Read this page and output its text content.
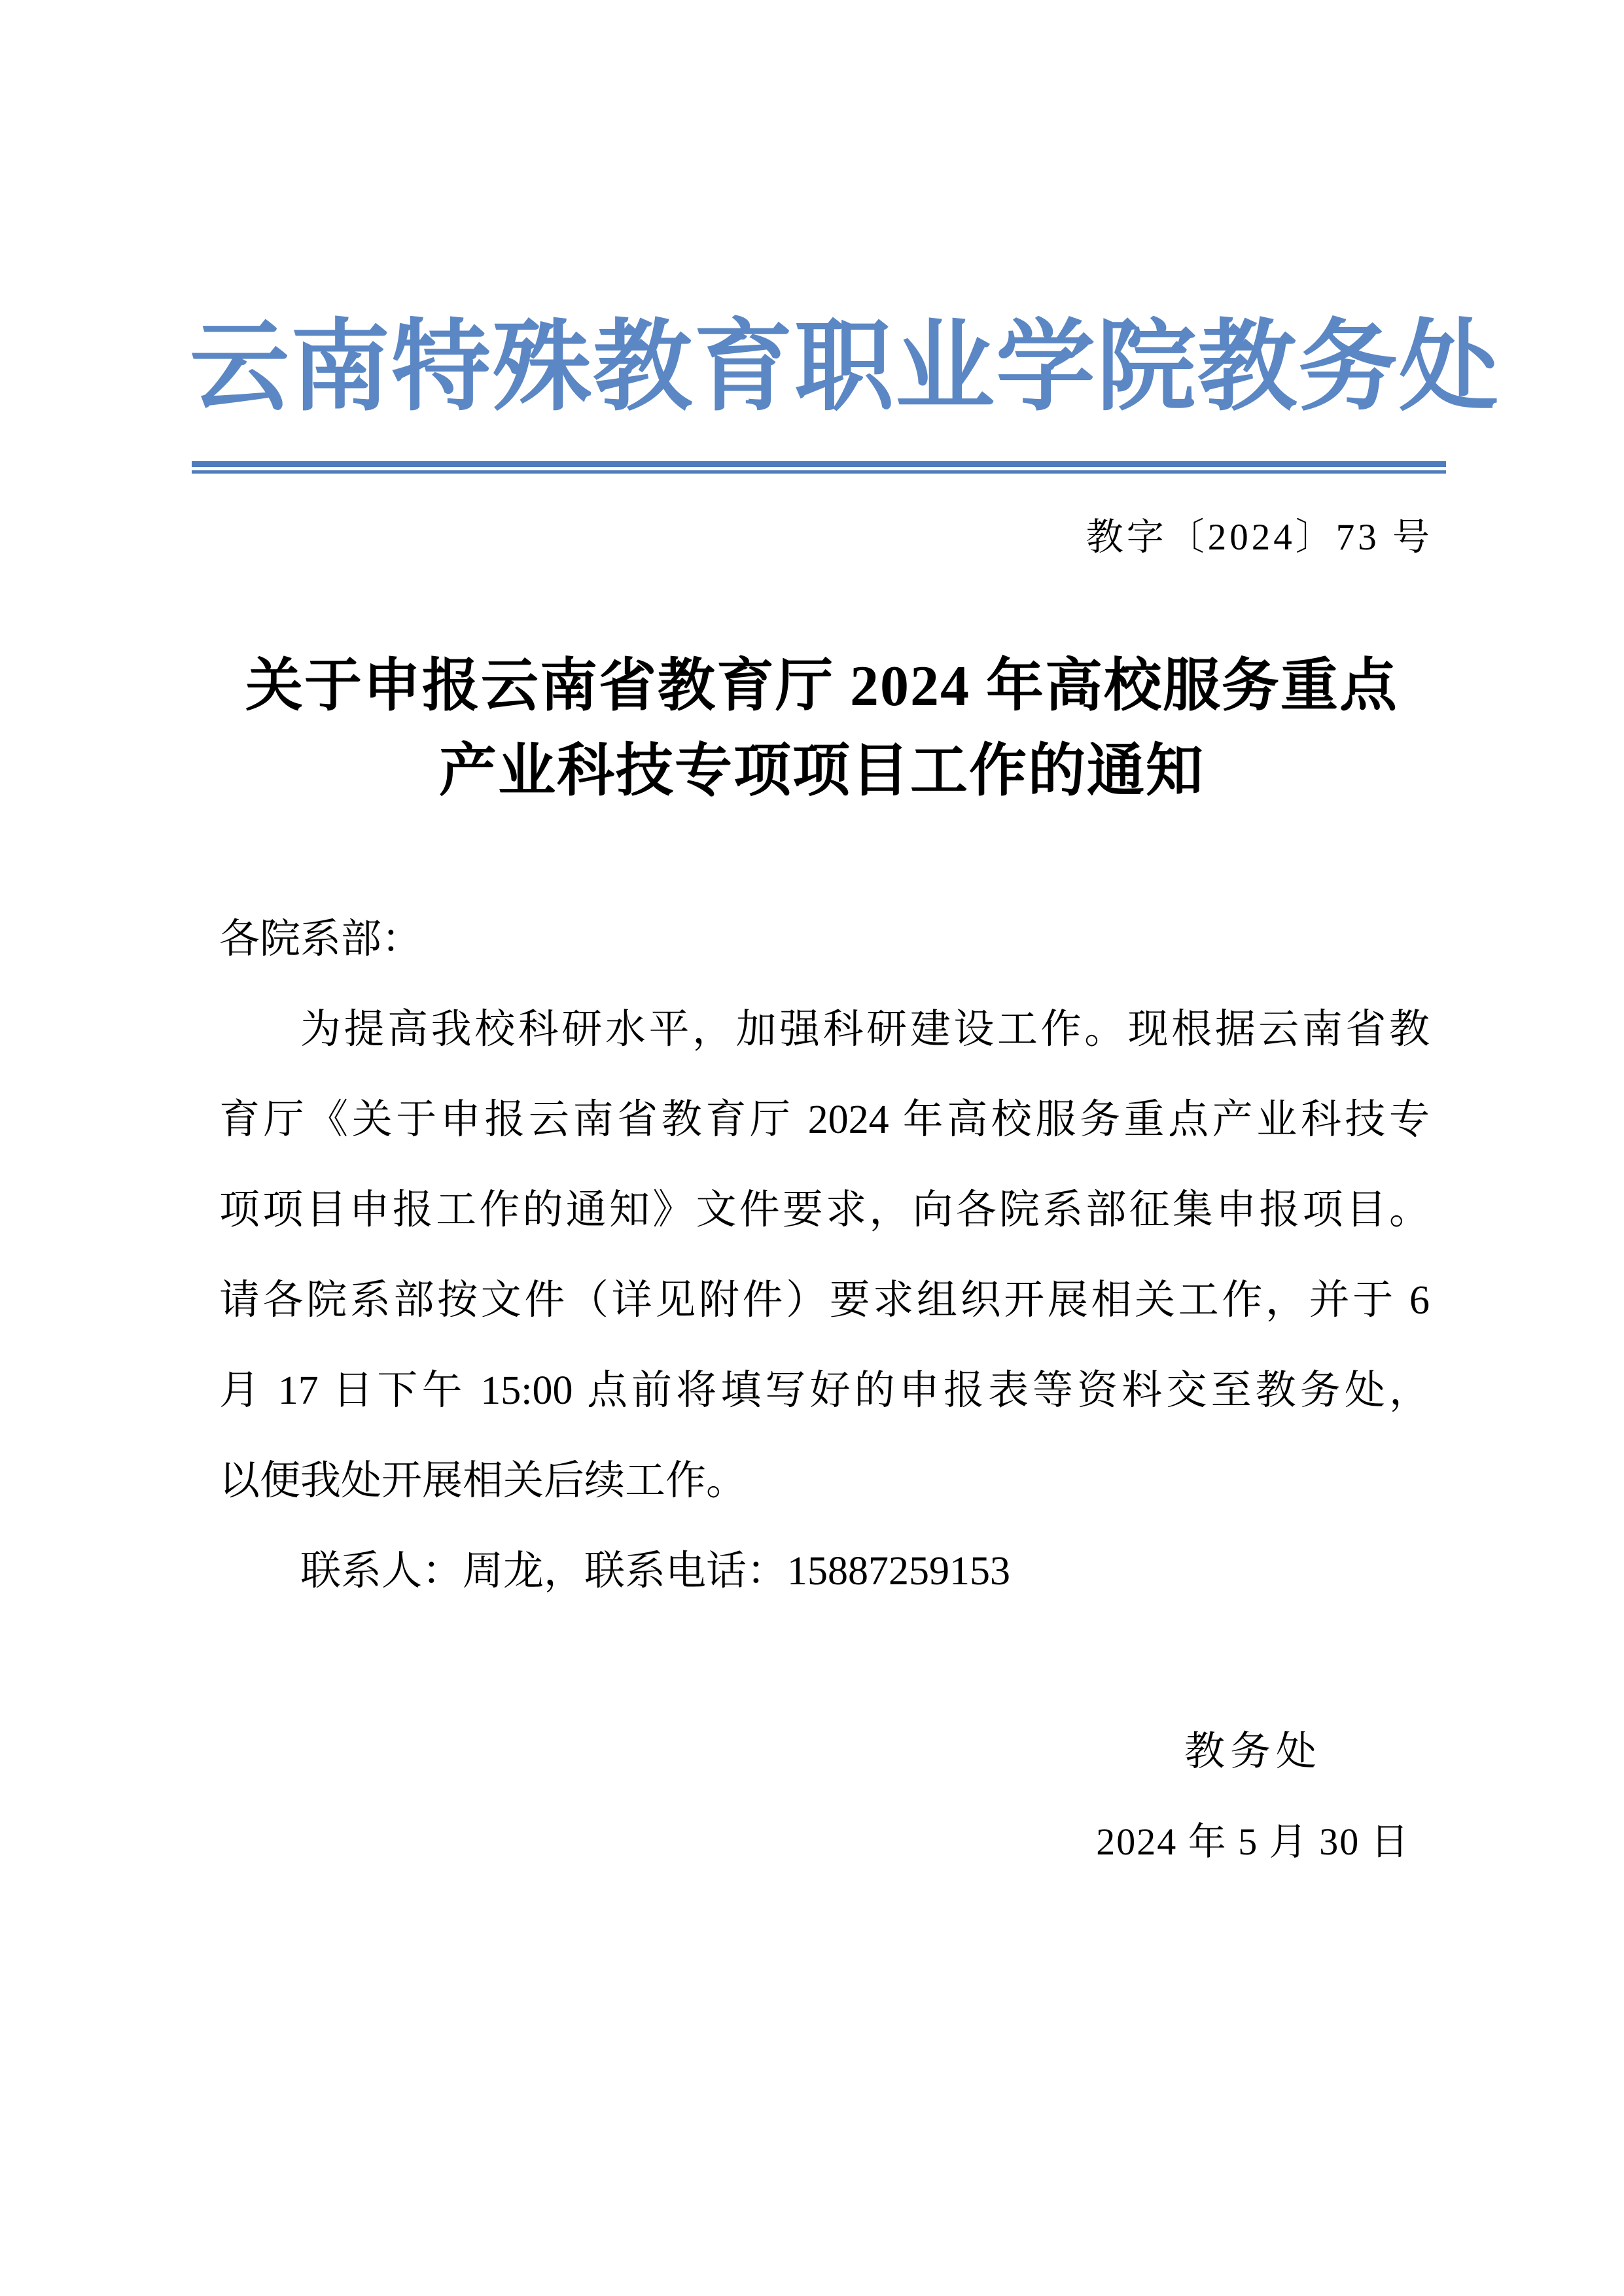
云南特殊教育职业学院教务处
教字〔2024〕73 号
关于申报云南省教育厅 2024 年高校服务重点
产业科技专项项目工作的通知
各院系部：
为提高我校科研水平，加强科研建设工作。现根据云南省教
育厅《关于申报云南省教育厅 2024 年高校服务重点产业科技专
项项目申报工作的通知》文件要求，向各院系部征集申报项目。
请各院系部按文件（详见附件）要求组织开展相关工作，并于 6
月 17 日下午 15:00 点前将填写好的申报表等资料交至教务处，
以便我处开展相关后续工作。
联系人：周龙，联系电话：15887259153
教务处
2024 年 5 月 30 日
